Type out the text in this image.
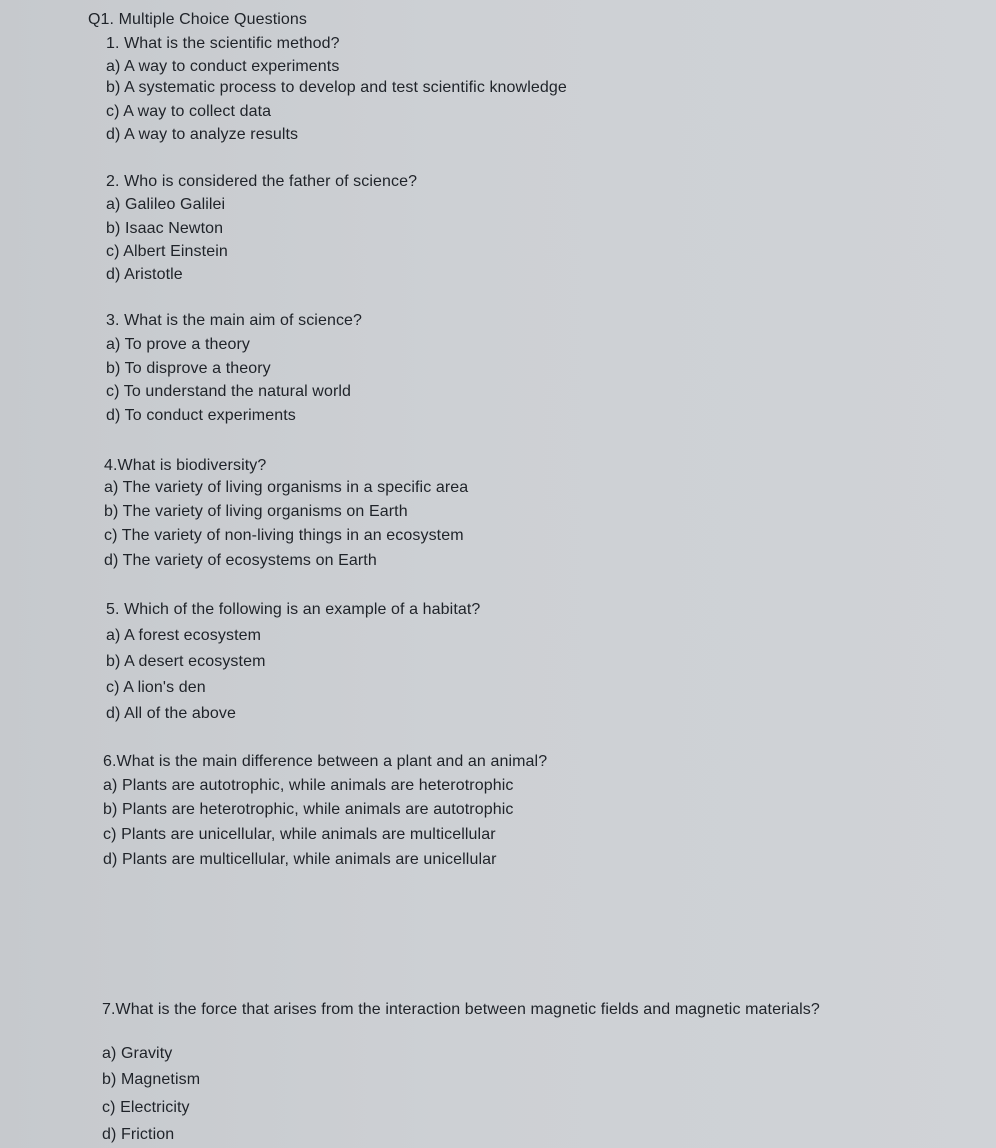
Q1. Multiple Choice Questions
1. What is the scientific method?
a) A way to conduct experiments
b) A systematic process to develop and test scientific knowledge
c) A way to collect data
d) A way to analyze results
2. Who is considered the father of science?
a) Galileo Galilei
b) Isaac Newton
c) Albert Einstein
d) Aristotle
3. What is the main aim of science?
a) To prove a theory
b) To disprove a theory
c) To understand the natural world
d) To conduct experiments
4.What is biodiversity?
a) The variety of living organisms in a specific area
b) The variety of living organisms on Earth
c) The variety of non-living things in an ecosystem
d) The variety of ecosystems on Earth
5. Which of the following is an example of a habitat?
a) A forest ecosystem
b) A desert ecosystem
c) A lion's den
d) All of the above
6.What is the main difference between a plant and an animal?
a) Plants are autotrophic, while animals are heterotrophic
b) Plants are heterotrophic, while animals are autotrophic
c) Plants are unicellular, while animals are multicellular
d) Plants are multicellular, while animals are unicellular
7.What is the force that arises from the interaction between magnetic fields and magnetic materials?
a) Gravity
b) Magnetism
c) Electricity
d) Friction
